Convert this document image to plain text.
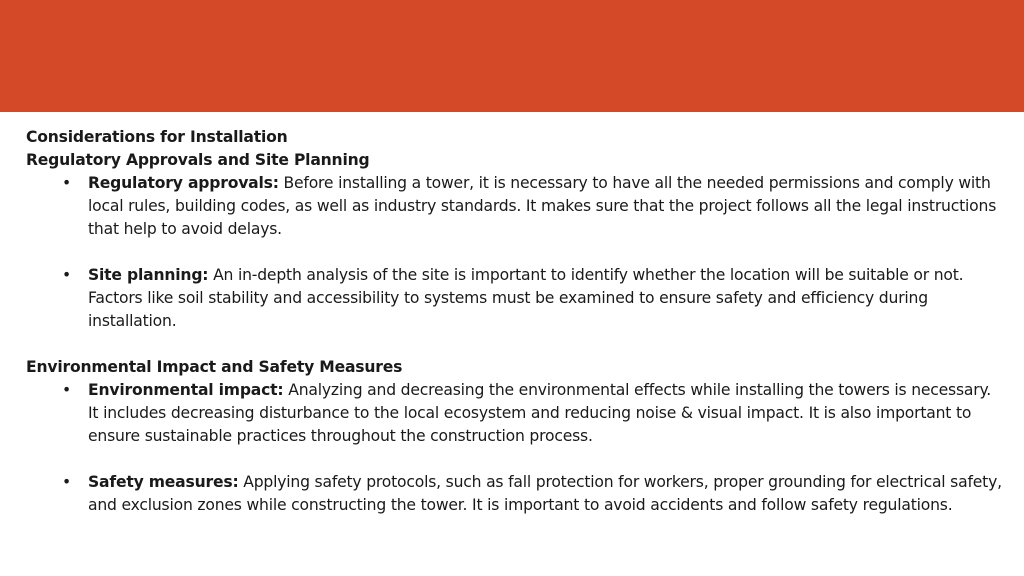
Considerations for Installation

Regulatory Approvals and Site Planning

• Regulatory approvals: Before installing a tower, it is necessary to have all the needed permissions and comply with local rules, building codes, as well as industry standards. It makes sure that the project follows all the legal instructions that help to avoid delays.
• Site planning: An in-depth analysis of the site is important to identify whether the location will be suitable or not. Factors like soil stability and accessibility to systems must be examined to ensure safety and efficiency during installation.

Environmental Impact and Safety Measures

• Environmental impact: Analyzing and decreasing the environmental effects while installing the towers is necessary. It includes decreasing disturbance to the local ecosystem and reducing noise & visual impact. It is also important to ensure sustainable practices throughout the construction process.
• Safety measures: Applying safety protocols, such as fall protection for workers, proper grounding for electrical safety, and exclusion zones while constructing the tower. It is important to avoid accidents and follow safety regulations.
